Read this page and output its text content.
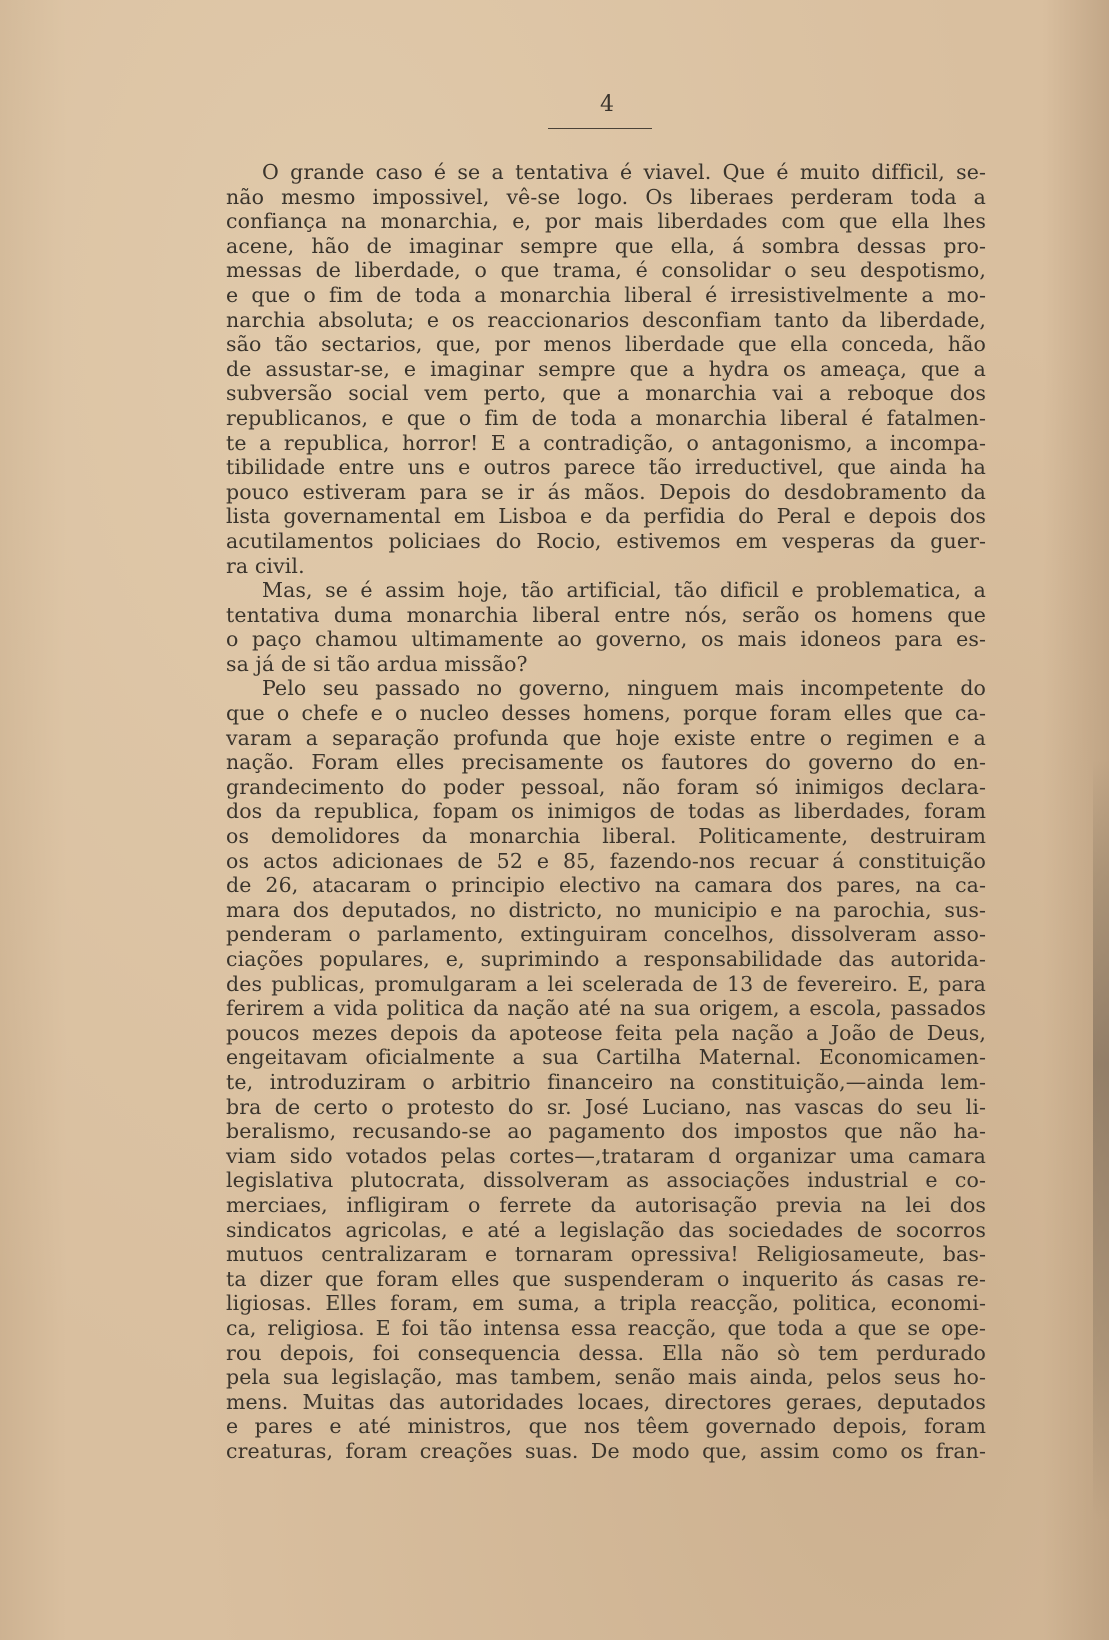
4
O grande caso é se a tentativa é viavel. Que é muito difficil, se-
não mesmo impossivel, vê-se logo. Os liberaes perderam toda a
confiança na monarchia, e, por mais liberdades com que ella lhes
acene, hão de imaginar sempre que ella, á sombra dessas pro-
messas de liberdade, o que trama, é consolidar o seu despotismo,
e que o fim de toda a monarchia liberal é irresistivelmente a mo-
narchia absoluta; e os reaccionarios desconfiam tanto da liberdade,
são tão sectarios, que, por menos liberdade que ella conceda, hão
de assustar-se, e imaginar sempre que a hydra os ameaça, que a
subversão social vem perto, que a monarchia vai a reboque dos
republicanos, e que o fim de toda a monarchia liberal é fatalmen-
te a republica, horror! E a contradição, o antagonismo, a incompa-
tibilidade entre uns e outros parece tão irreductivel, que ainda ha
pouco estiveram para se ir ás mãos. Depois do desdobramento da
lista governamental em Lisboa e da perfidia do Peral e depois dos
acutilamentos policiaes do Rocio, estivemos em vesperas da guer-
ra civil.
Mas, se é assim hoje, tão artificial, tão dificil e problematica, a
tentativa duma monarchia liberal entre nós, serão os homens que
o paço chamou ultimamente ao governo, os mais idoneos para es-
sa já de si tão ardua missão?
Pelo seu passado no governo, ninguem mais incompetente do
que o chefe e o nucleo desses homens, porque foram elles que ca-
varam a separação profunda que hoje existe entre o regimen e a
nação. Foram elles precisamente os fautores do governo do en-
grandecimento do poder pessoal, não foram só inimigos declara-
dos da republica, fopam os inimigos de todas as liberdades, foram
os demolidores da monarchia liberal. Politicamente, destruiram
os actos adicionaes de 52 e 85, fazendo-nos recuar á constituição
de 26, atacaram o principio electivo na camara dos pares, na ca-
mara dos deputados, no districto, no municipio e na parochia, sus-
penderam o parlamento, extinguiram concelhos, dissolveram asso-
ciações populares, e, suprimindo a responsabilidade das autorida-
des publicas, promulgaram a lei scelerada de 13 de fevereiro. E, para
ferirem a vida politica da nação até na sua origem, a escola, passados
poucos mezes depois da apoteose feita pela nação a João de Deus,
engeitavam oficialmente a sua Cartilha Maternal. Economicamen-
te, introduziram o arbitrio financeiro na constituição,—ainda lem-
bra de certo o protesto do sr. José Luciano, nas vascas do seu li-
beralismo, recusando-se ao pagamento dos impostos que não ha-
viam sido votados pelas cortes—,trataram d organizar uma camara
legislativa plutocrata, dissolveram as associações industrial e co-
merciaes, infligiram o ferrete da autorisação previa na lei dos
sindicatos agricolas, e até a legislação das sociedades de socorros
mutuos centralizaram e tornaram opressiva! Religiosameute, bas-
ta dizer que foram elles que suspenderam o inquerito ás casas re-
ligiosas. Elles foram, em suma, a tripla reacção, politica, economi-
ca, religiosa. E foi tão intensa essa reacção, que toda a que se ope-
rou depois, foi consequencia dessa. Ella não sò tem perdurado
pela sua legislação, mas tambem, senão mais ainda, pelos seus ho-
mens. Muitas das autoridades locaes, directores geraes, deputados
e pares e até ministros, que nos têem governado depois, foram
creaturas, foram creações suas. De modo que, assim como os fran-
